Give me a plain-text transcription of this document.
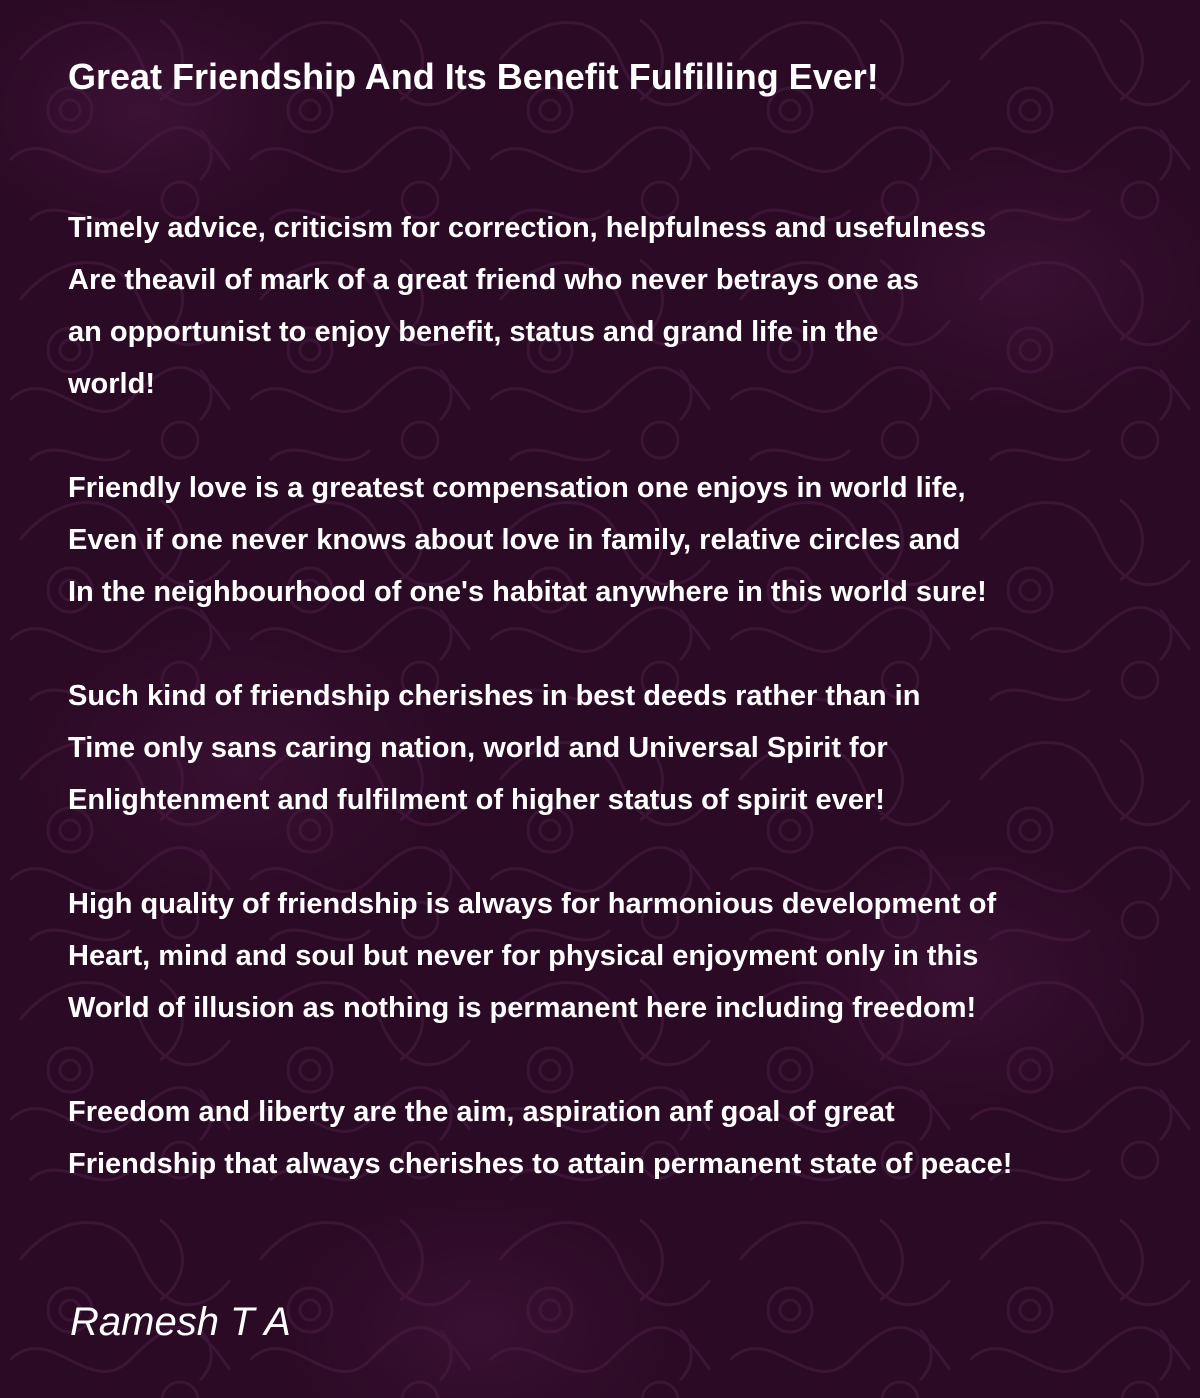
Great Friendship And Its Benefit Fulfilling Ever!
Timely advice, criticism for correction, helpfulness and usefulness
Are theavil of mark of a great friend who never betrays one as
an opportunist to enjoy benefit, status and grand life in the
world!
Friendly love is a greatest compensation one enjoys in world life,
Even if one never knows about love in family, relative circles and
In the neighbourhood of one's habitat anywhere in this world sure!
Such kind of friendship cherishes in best deeds rather than in
Time only sans caring nation, world and Universal Spirit for
Enlightenment and fulfilment of higher status of spirit ever!
High quality of friendship is always for harmonious development of
Heart, mind and soul but never for physical enjoyment only in this
World of illusion as nothing is permanent here including freedom!
Freedom and liberty are the aim, aspiration anf goal of great
Friendship that always cherishes to attain permanent state of peace!

Ramesh T A
